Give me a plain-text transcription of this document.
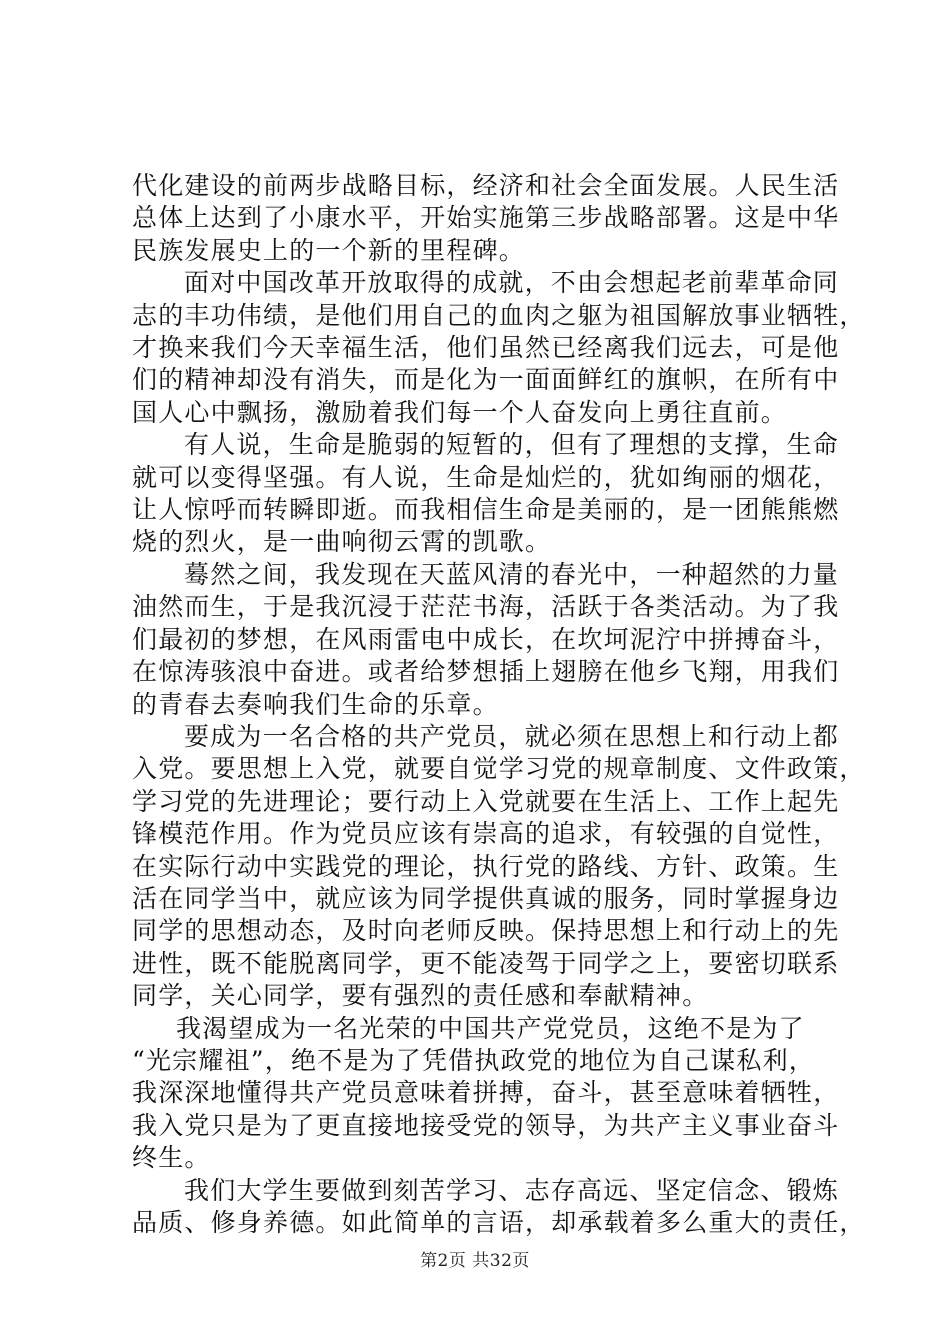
代化建设的前两步战略目标，经济和社会全面发展。人民生活
总体上达到了小康水平，开始实施第三步战略部署。这是中华
民族发展史上的一个新的里程碑。

面对中国改革开放取得的成就，不由会想起老前辈革命同
志的丰功伟绩，是他们用自己的血肉之躯为祖国解放事业牺牲，
才换来我们今天幸福生活，他们虽然已经离我们远去，可是他
们的精神却没有消失，而是化为一面面鲜红的旗帜，在所有中
国人心中飘扬，激励着我们每一个人奋发向上勇往直前。

有人说，生命是脆弱的短暂的，但有了理想的支撑，生命
就可以变得坚强。有人说，生命是灿烂的，犹如绚丽的烟花，
让人惊呼而转瞬即逝。而我相信生命是美丽的，是一团熊熊燃
烧的烈火，是一曲响彻云霄的凯歌。

蓦然之间，我发现在天蓝风清的春光中，一种超然的力量
油然而生，于是我沉浸于茫茫书海，活跃于各类活动。为了我
们最初的梦想，在风雨雷电中成长，在坎坷泥泞中拼搏奋斗，
在惊涛骇浪中奋进。或者给梦想插上翅膀在他乡飞翔，用我们
的青春去奏响我们生命的乐章。

要成为一名合格的共产党员，就必须在思想上和行动上都
入党。要思想上入党，就要自觉学习党的规章制度、文件政策，
学习党的先进理论；要行动上入党就要在生活上、工作上起先
锋模范作用。作为党员应该有崇高的追求，有较强的自觉性，
在实际行动中实践党的理论，执行党的路线、方针、政策。生
活在同学当中，就应该为同学提供真诚的服务，同时掌握身边
同学的思想动态，及时向老师反映。保持思想上和行动上的先
进性，既不能脱离同学，更不能凌驾于同学之上，要密切联系
同学，关心同学，要有强烈的责任感和奉献精神。

我渴望成为一名光荣的中国共产党党员，这绝不是为了
“光宗耀祖”，绝不是为了凭借执政党的地位为自己谋私利，
我深深地懂得共产党员意味着拼搏，奋斗，甚至意味着牺牲，
我入党只是为了更直接地接受党的领导，为共产主义事业奋斗
终生。

我们大学生要做到刻苦学习、志存高远、坚定信念、锻炼
品质、修身养德。如此简单的言语，却承载着多么重大的责任，

第2页 共32页
